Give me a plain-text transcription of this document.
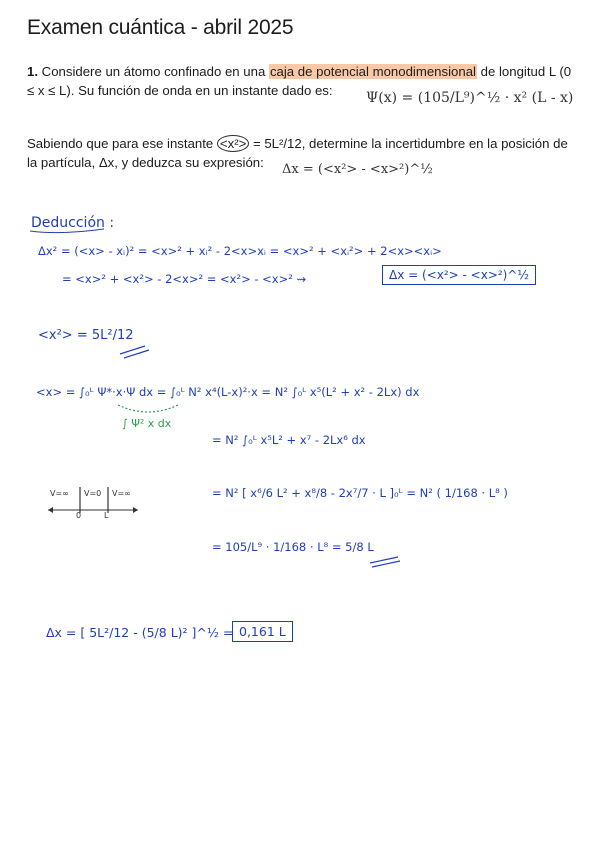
Examen cuántica - abril 2025
1. Considere un átomo confinado en una caja de potencial monodimensional de longitud L (0 ≤ x ≤ L). Su función de onda en un instante dado es:	Ψ(x) = (105/L⁹)^½ · x² (L - x)
Sabiendo que para ese instante <x²> = 5L²/12, determine la incertidumbre en la posición de la partícula, Δx, y deduzca su expresión:	Δx = (<x²> - <x>²)^½
Deducción :
Δx² = (<x> - xᵢ)² = <x>² + xᵢ² - 2<x>xᵢ = <x>² + <xᵢ²> + 2<x><xᵢ>
= <x>² + <x²> - 2<x>² = <x²> - <x>² ⇝	Δx = (<x²> - <x>²)^½
<x²> = 5L²/12
<x> = ∫₀ᴸ Ψ*·x·Ψ dx = ∫₀ᴸ N² x⁴(L-x)²·x = N² ∫₀ᴸ x⁵(L² + x² - 2Lx) dx
∫ Ψ² x dx
= N² ∫₀ᴸ x⁵L² + x⁷ - 2Lx⁶ dx
V=∞ V=0 V=∞
0	L
= N² [ x⁶/6 L² + x⁸/8 - 2x⁷/7 · L ]₀ᴸ = N² ( 1/168 · L⁸ )
= 105/L⁹ · 1/168 · L⁸ = 5/8 L
Δx = [ 5L²/12 - (5/8 L)² ]^½ = 0,161 L
